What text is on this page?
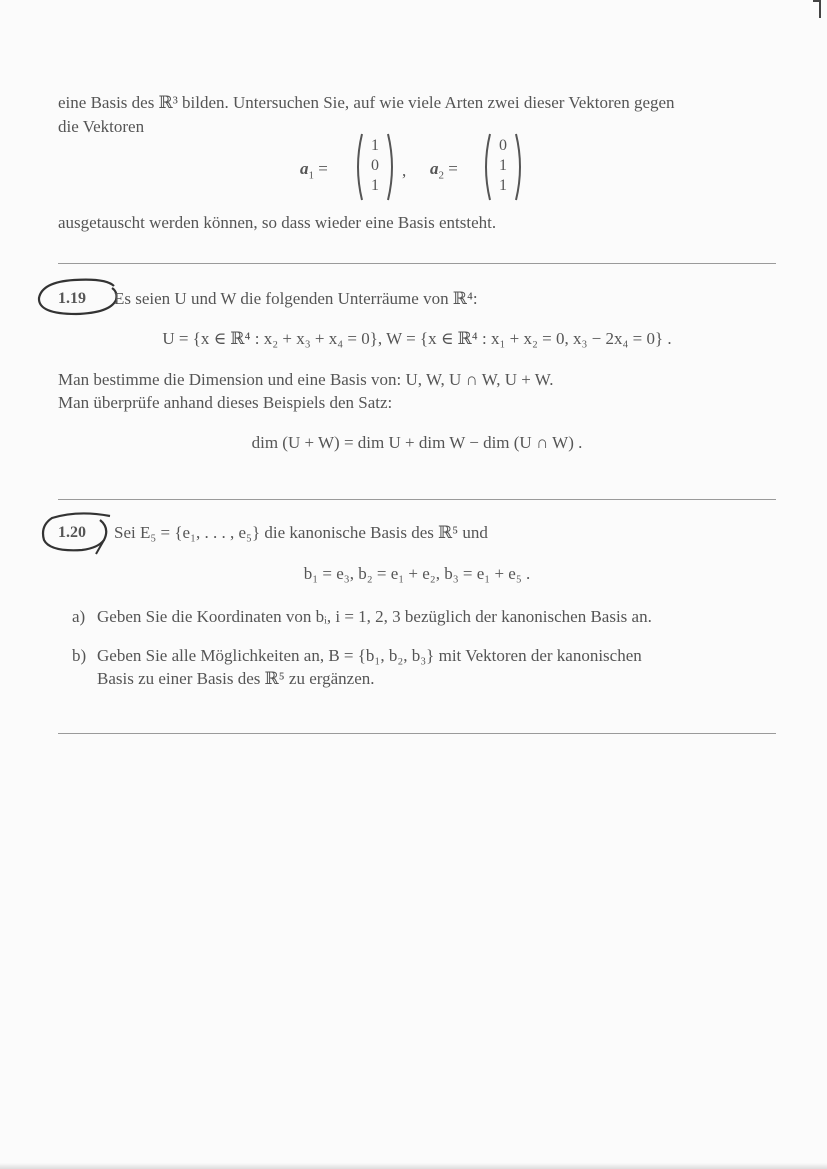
eine Basis des ℝ³ bilden. Untersuchen Sie, auf wie viele Arten zwei dieser Vektoren gegen
die Vektoren
$a_1$ =
1
0
1
, $a_2$ =
0
1
1
ausgetauscht werden können, so dass wieder eine Basis entsteht.
1.19 Es seien U und W die folgenden Unterräume von ℝ⁴:
U = {x ∈ ℝ⁴ : x₂ + x₃ + x₄ = 0}, W = {x ∈ ℝ⁴ : x₁ + x₂ = 0, x₃ − 2x₄ = 0} .
Man bestimme die Dimension und eine Basis von: U, W, U ∩ W, U + W.
Man überprüfe anhand dieses Beispiels den Satz:
dim (U + W) = dim U + dim W − dim (U ∩ W) .
1.20 Sei E₅ = {e₁, . . . , e₅} die kanonische Basis des ℝ⁵ und
b₁ = e₃, b₂ = e₁ + e₂, b₃ = e₁ + e₅ .
a) Geben Sie die Koordinaten von bᵢ, i = 1, 2, 3 bezüglich der kanonischen Basis an.
b) Geben Sie alle Möglichkeiten an, B = {b₁, b₂, b₃} mit Vektoren der kanonischen
Basis zu einer Basis des ℝ⁵ zu ergänzen.
